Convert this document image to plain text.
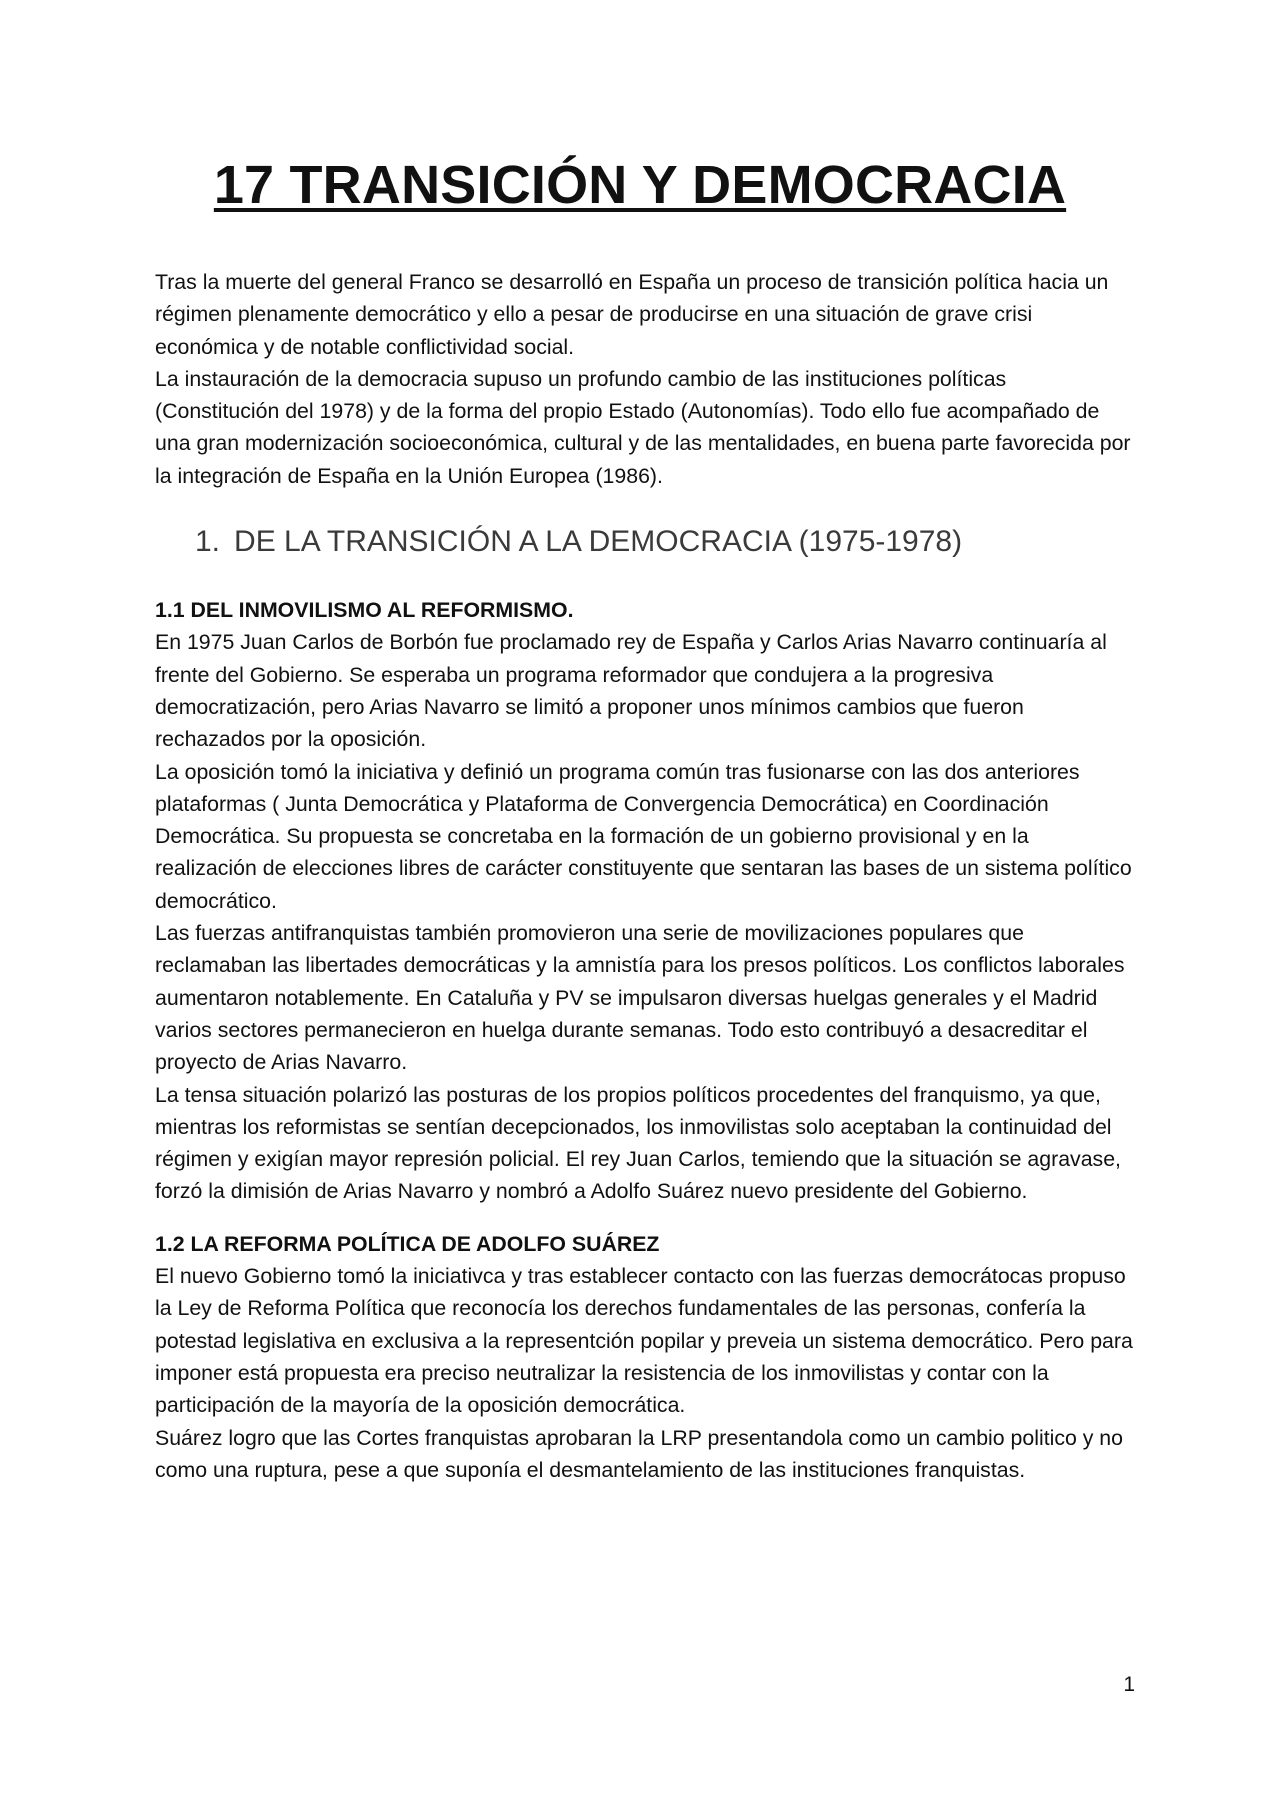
17 TRANSICIÓN Y DEMOCRACIA

Tras la muerte del general Franco se desarrolló en España un proceso de transición política hacia un régimen plenamente democrático y ello a pesar de producirse en una situación de grave crisi económica y de notable conflictividad social.

La instauración de la democracia supuso un profundo cambio de las instituciones políticas (Constitución del 1978) y de la forma del propio Estado (Autonomías). Todo ello fue acompañado de una gran modernización socioeconómica, cultural y de las mentalidades, en buena parte favorecida por la integración de España en la Unión Europea (1986).

1. DE LA TRANSICIÓN A LA DEMOCRACIA (1975-1978)
1.1 DEL INMOVILISMO AL REFORMISMO.

En 1975 Juan Carlos de Borbón fue proclamado rey de España y Carlos Arias Navarro continuaría al frente del Gobierno. Se esperaba un programa reformador que condujera a la progresiva democratización, pero Arias Navarro se limitó a proponer unos mínimos cambios que fueron rechazados por la oposición.

La oposición tomó la iniciativa y definió un programa común tras fusionarse con las dos anteriores plataformas ( Junta Democrática y Plataforma de Convergencia Democrática) en Coordinación Democrática. Su propuesta se concretaba en la formación de un gobierno provisional y en la realización de elecciones libres de carácter constituyente que sentaran las bases de un sistema político democrático.

Las fuerzas antifranquistas también promovieron una serie de movilizaciones populares que reclamaban las libertades democráticas y la amnistía para los presos políticos. Los conflictos laborales aumentaron notablemente. En Cataluña y PV se impulsaron diversas huelgas generales y el Madrid varios sectores permanecieron en huelga durante semanas. Todo esto contribuyó a desacreditar el proyecto de Arias Navarro.

La tensa situación polarizó las posturas de los propios políticos procedentes del franquismo, ya que, mientras los reformistas se sentían decepcionados, los inmovilistas solo aceptaban la continuidad del régimen y exigían mayor represión policial. El rey Juan Carlos, temiendo que la situación se agravase, forzó la dimisión de Arias Navarro y nombró a Adolfo Suárez nuevo presidente del Gobierno.

1.2 LA REFORMA POLÍTICA DE ADOLFO SUÁREZ

El nuevo Gobierno tomó la iniciativca y tras establecer contacto con las fuerzas democrátocas propuso la Ley de Reforma Política que reconocía los derechos fundamentales de las personas, confería la potestad legislativa en exclusiva a la representción popilar y preveia un sistema democrático. Pero para imponer está propuesta era preciso neutralizar la resistencia de los inmovilistas y contar con la participación de la mayoría de la oposición democrática.

Suárez logro que las Cortes franquistas aprobaran la LRP presentandola como un cambio politico y no como una ruptura, pese a que suponía el desmantelamiento de las instituciones franquistas.

1
